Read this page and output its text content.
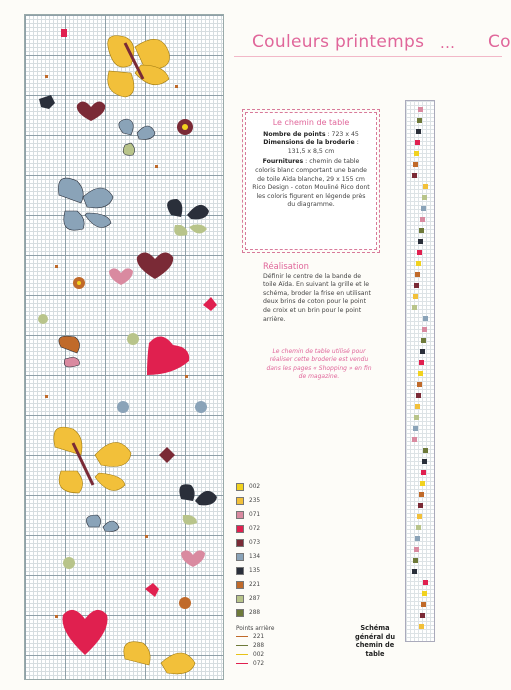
Couleurs printemps ... Co
Le chemin de table
Nombre de points : 723 x 45
Dimensions de la broderie :
131,5 x 8,5 cm
Fournitures : chemin de table coloris blanc comportant une bande de toile Aïda blanche, 29 x 155 cm Rico Design - coton Mouliné Rico dont les coloris figurent en légende près du diagramme.
Réalisation
Définir le centre de la bande de toile Aïda. En suivant la grille et le schéma, broder la frise en utilisant deux brins de coton pour le point de croix et un brin pour le point arrière.
Le chemin de table utilisé pour réaliser cette broderie est vendu dans les pages « Shopping » en fin de magazine.
002
235
071
072
073
134
135
221
287
288
Points arrière
221
288
002
072
Schéma général du chemin de table
